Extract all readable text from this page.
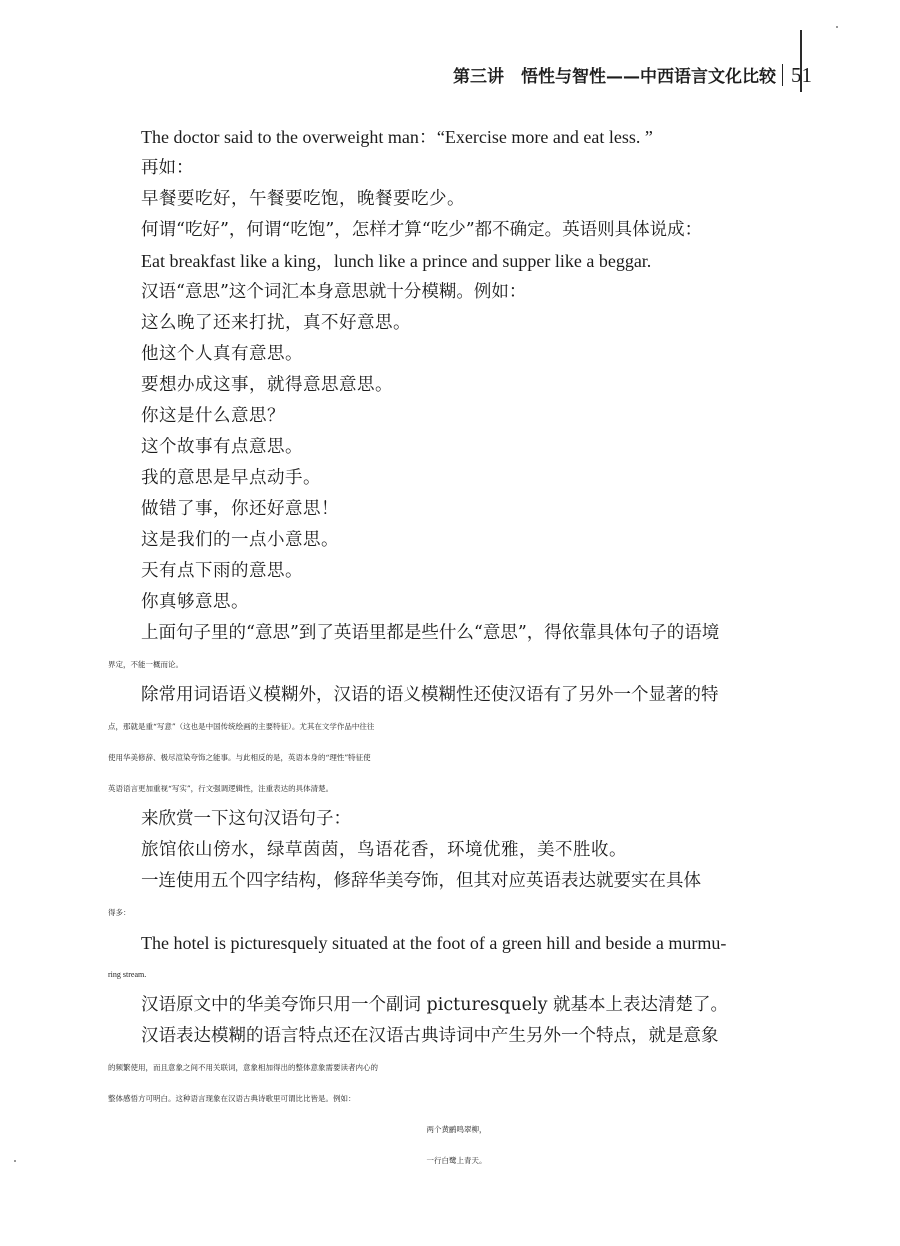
第三讲　悟性与智性——中西语言文化比较 51
The doctor said to the overweight man：“Exercise more and eat less. ”
再如：
早餐要吃好，午餐要吃饱，晚餐要吃少。
何谓“吃好”，何谓“吃饱”，怎样才算“吃少”都不确定。英语则具体说成：
Eat breakfast like a king，lunch like a prince and supper like a beggar.
汉语“意思”这个词汇本身意思就十分模糊。例如：
这么晚了还来打扰，真不好意思。
他这个人真有意思。
要想办成这事，就得意思意思。
你这是什么意思？
这个故事有点意思。
我的意思是早点动手。
做错了事，你还好意思！
这是我们的一点小意思。
天有点下雨的意思。
你真够意思。
上面句子里的“意思”到了英语里都是些什么“意思”，得依靠具体句子的语境
界定，不能一概而论。
除常用词语语义模糊外，汉语的语义模糊性还使汉语有了另外一个显著的特
点，那就是重“写意”（这也是中国传统绘画的主要特征）。尤其在文学作品中往往
使用华美修辞、极尽渲染夸饰之能事。与此相反的是，英语本身的“理性”特征使
英语语言更加重视“写实”，行文强调逻辑性，注重表达的具体清楚。
来欣赏一下这句汉语句子：
旅馆依山傍水，绿草茵茵，鸟语花香，环境优雅，美不胜收。
一连使用五个四字结构，修辞华美夸饰，但其对应英语表达就要实在具体
得多：
The hotel is picturesquely situated at the foot of a green hill and beside a murmu-
ring stream.
汉语原文中的华美夸饰只用一个副词 picturesquely 就基本上表达清楚了。
汉语表达模糊的语言特点还在汉语古典诗词中产生另外一个特点，就是意象
的频繁使用，而且意象之间不用关联词，意象相加得出的整体意象需要读者内心的
整体感悟方可明白。这种语言现象在汉语古典诗歌里可谓比比皆是。例如：
两个黄鹂鸣翠柳，
一行白鹭上青天。
